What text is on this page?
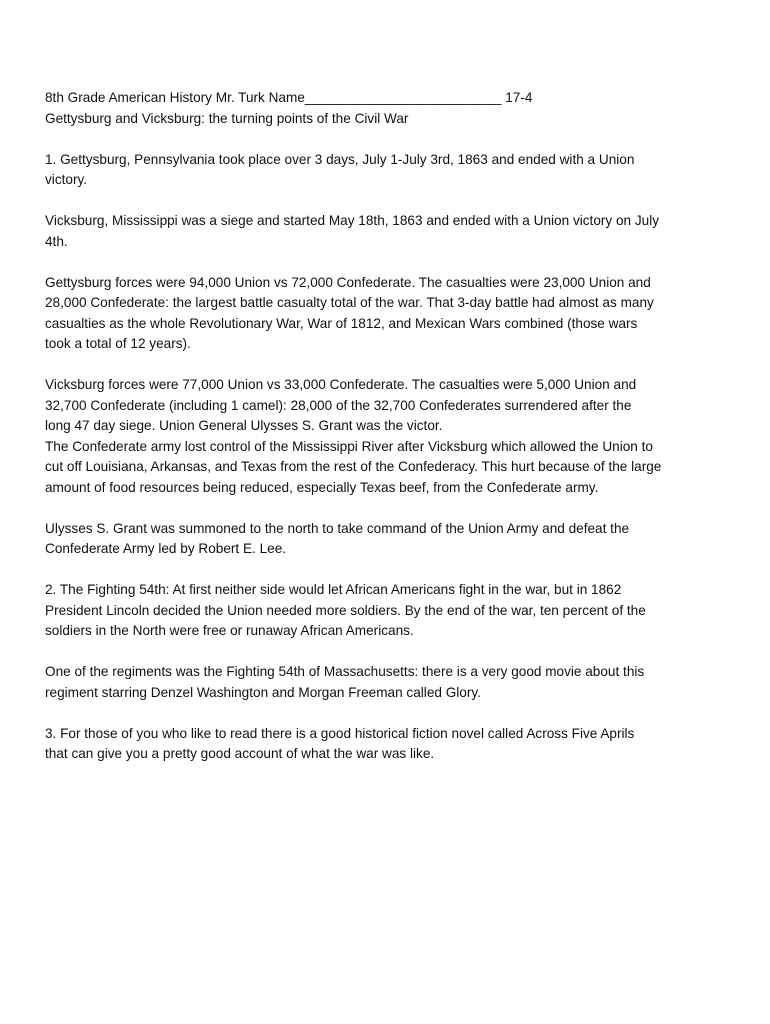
8th Grade American History Mr. Turk Name__________________________ 17-4
Gettysburg and Vicksburg: the turning points of the Civil War
1. Gettysburg, Pennsylvania took place over 3 days, July 1-July 3rd, 1863 and ended with a Union
victory.
Vicksburg, Mississippi was a siege and started May 18th, 1863 and ended with a Union victory on July
4th.
Gettysburg forces were 94,000 Union vs 72,000 Confederate. The casualties were 23,000 Union and
28,000 Confederate: the largest battle casualty total of the war. That 3-day battle had almost as many
casualties as the whole Revolutionary War, War of 1812, and Mexican Wars combined (those wars
took a total of 12 years).
Vicksburg forces were 77,000 Union vs 33,000 Confederate. The casualties were 5,000 Union and
32,700 Confederate (including 1 camel): 28,000 of the 32,700 Confederates surrendered after the
long 47 day siege. Union General Ulysses S. Grant was the victor.
The Confederate army lost control of the Mississippi River after Vicksburg which allowed the Union to
cut off Louisiana, Arkansas, and Texas from the rest of the Confederacy. This hurt because of the large
amount of food resources being reduced, especially Texas beef, from the Confederate army.
Ulysses S. Grant was summoned to the north to take command of the Union Army and defeat the
Confederate Army led by Robert E. Lee.
2. The Fighting 54th: At first neither side would let African Americans fight in the war, but in 1862
President Lincoln decided the Union needed more soldiers. By the end of the war, ten percent of the
soldiers in the North were free or runaway African Americans.
One of the regiments was the Fighting 54th of Massachusetts: there is a very good movie about this
regiment starring Denzel Washington and Morgan Freeman called Glory.
3. For those of you who like to read there is a good historical fiction novel called Across Five Aprils
that can give you a pretty good account of what the war was like.
